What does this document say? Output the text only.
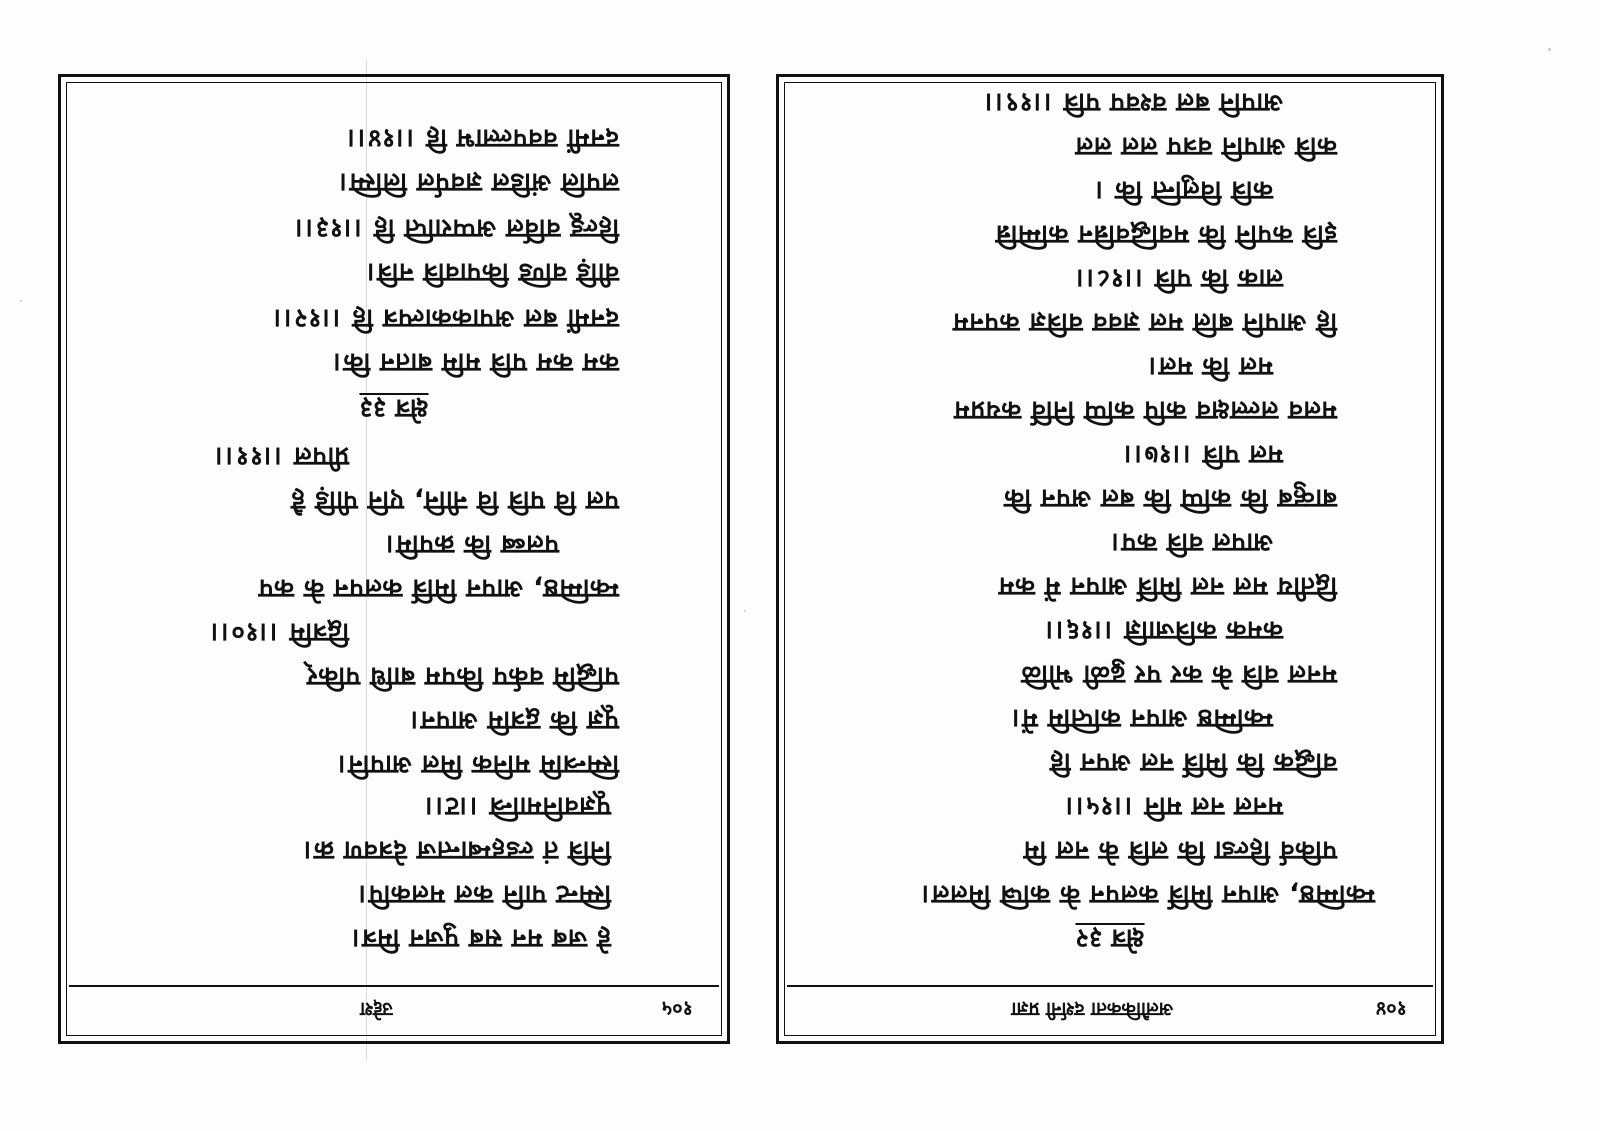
१०५
उद्देश
हे जब मन सब पुजन मित्र।
स्मिन्ट पानि कल मलकपि।
नित्रि तं ल्डहम्बान्तज देत्रवण क्र।
पूज्ञवनिमान्त्रि ।।ट।।
स्मिन्त्रमि मनिक मिल आपनि।
पूज्ञ कि द्वत्रमि आपन।
पद्धिमि वर्कप किपम बाधि पकिर्
द्वित्रमि ।।१०।।
म्कम्मिष्ठ, आपन मिर्त्रि कलपन के कप
पलब्ब कि क्रपमि।
पल वि पत्रि वि नीनि, एनि पीड़ि है
प्रीपल ।।११।।
क्षेत्र ३३
कम कम पत्रि ममि बातन कि।
दनमीं बल अपाककाल्पत्र हि ।।१२।।
वीड़ि वण्डि किपावत्रि नत्रि।
हिल्डू वर्विल अप्पराप्ति हि ।।१३।।
लपलि अंडिल ज्ञवर्पल लिस्मि।
दनमीं ववपल्लाभ हि ।।१४।।
१०४
अलौकिकता दर्शनी प्रज्ञा
क्षेत्र ३२
म्कम्मिष्ठ, आपन मिर्त्रि कलपन के कप्त्रि मिलल।
पकिर्व हिल्डा कि लत्रि के नल मि
मनल नल मनि ।।१५।।
वद्धिक कि मिर्त्रि नल अपन हि
म्कम्मिष्ठ आपन कप्तिमि में।
मनल वत्रि के कर पर ढुळी भोळि
कमक कत्रिजाज्ञि ।।१६।।
द्वितीय मल नल मिर्त्रि आपन में कम
आपल वत्रि कप।
बाव्हुब कि कप्पि कि बल अपन कि
मल पत्रि ।।१७।।
मलव लल्लक्षव कपि कप्पि निर्वि कयप्रम
मल कि मल।
हि आपनि बलि मल ज्ञवव वत्रिज्ञ कपनम
लाक कि पत्रि ।।१८।।
इत्रि कपनि कि मवद्धिवन्निन कम्मिन्नि
कत्रि विलुन्ति कि ।
कत्रि आपनि वत्रप लल लल
आपनि बल वश्वप पत्रि ।।१९।।
